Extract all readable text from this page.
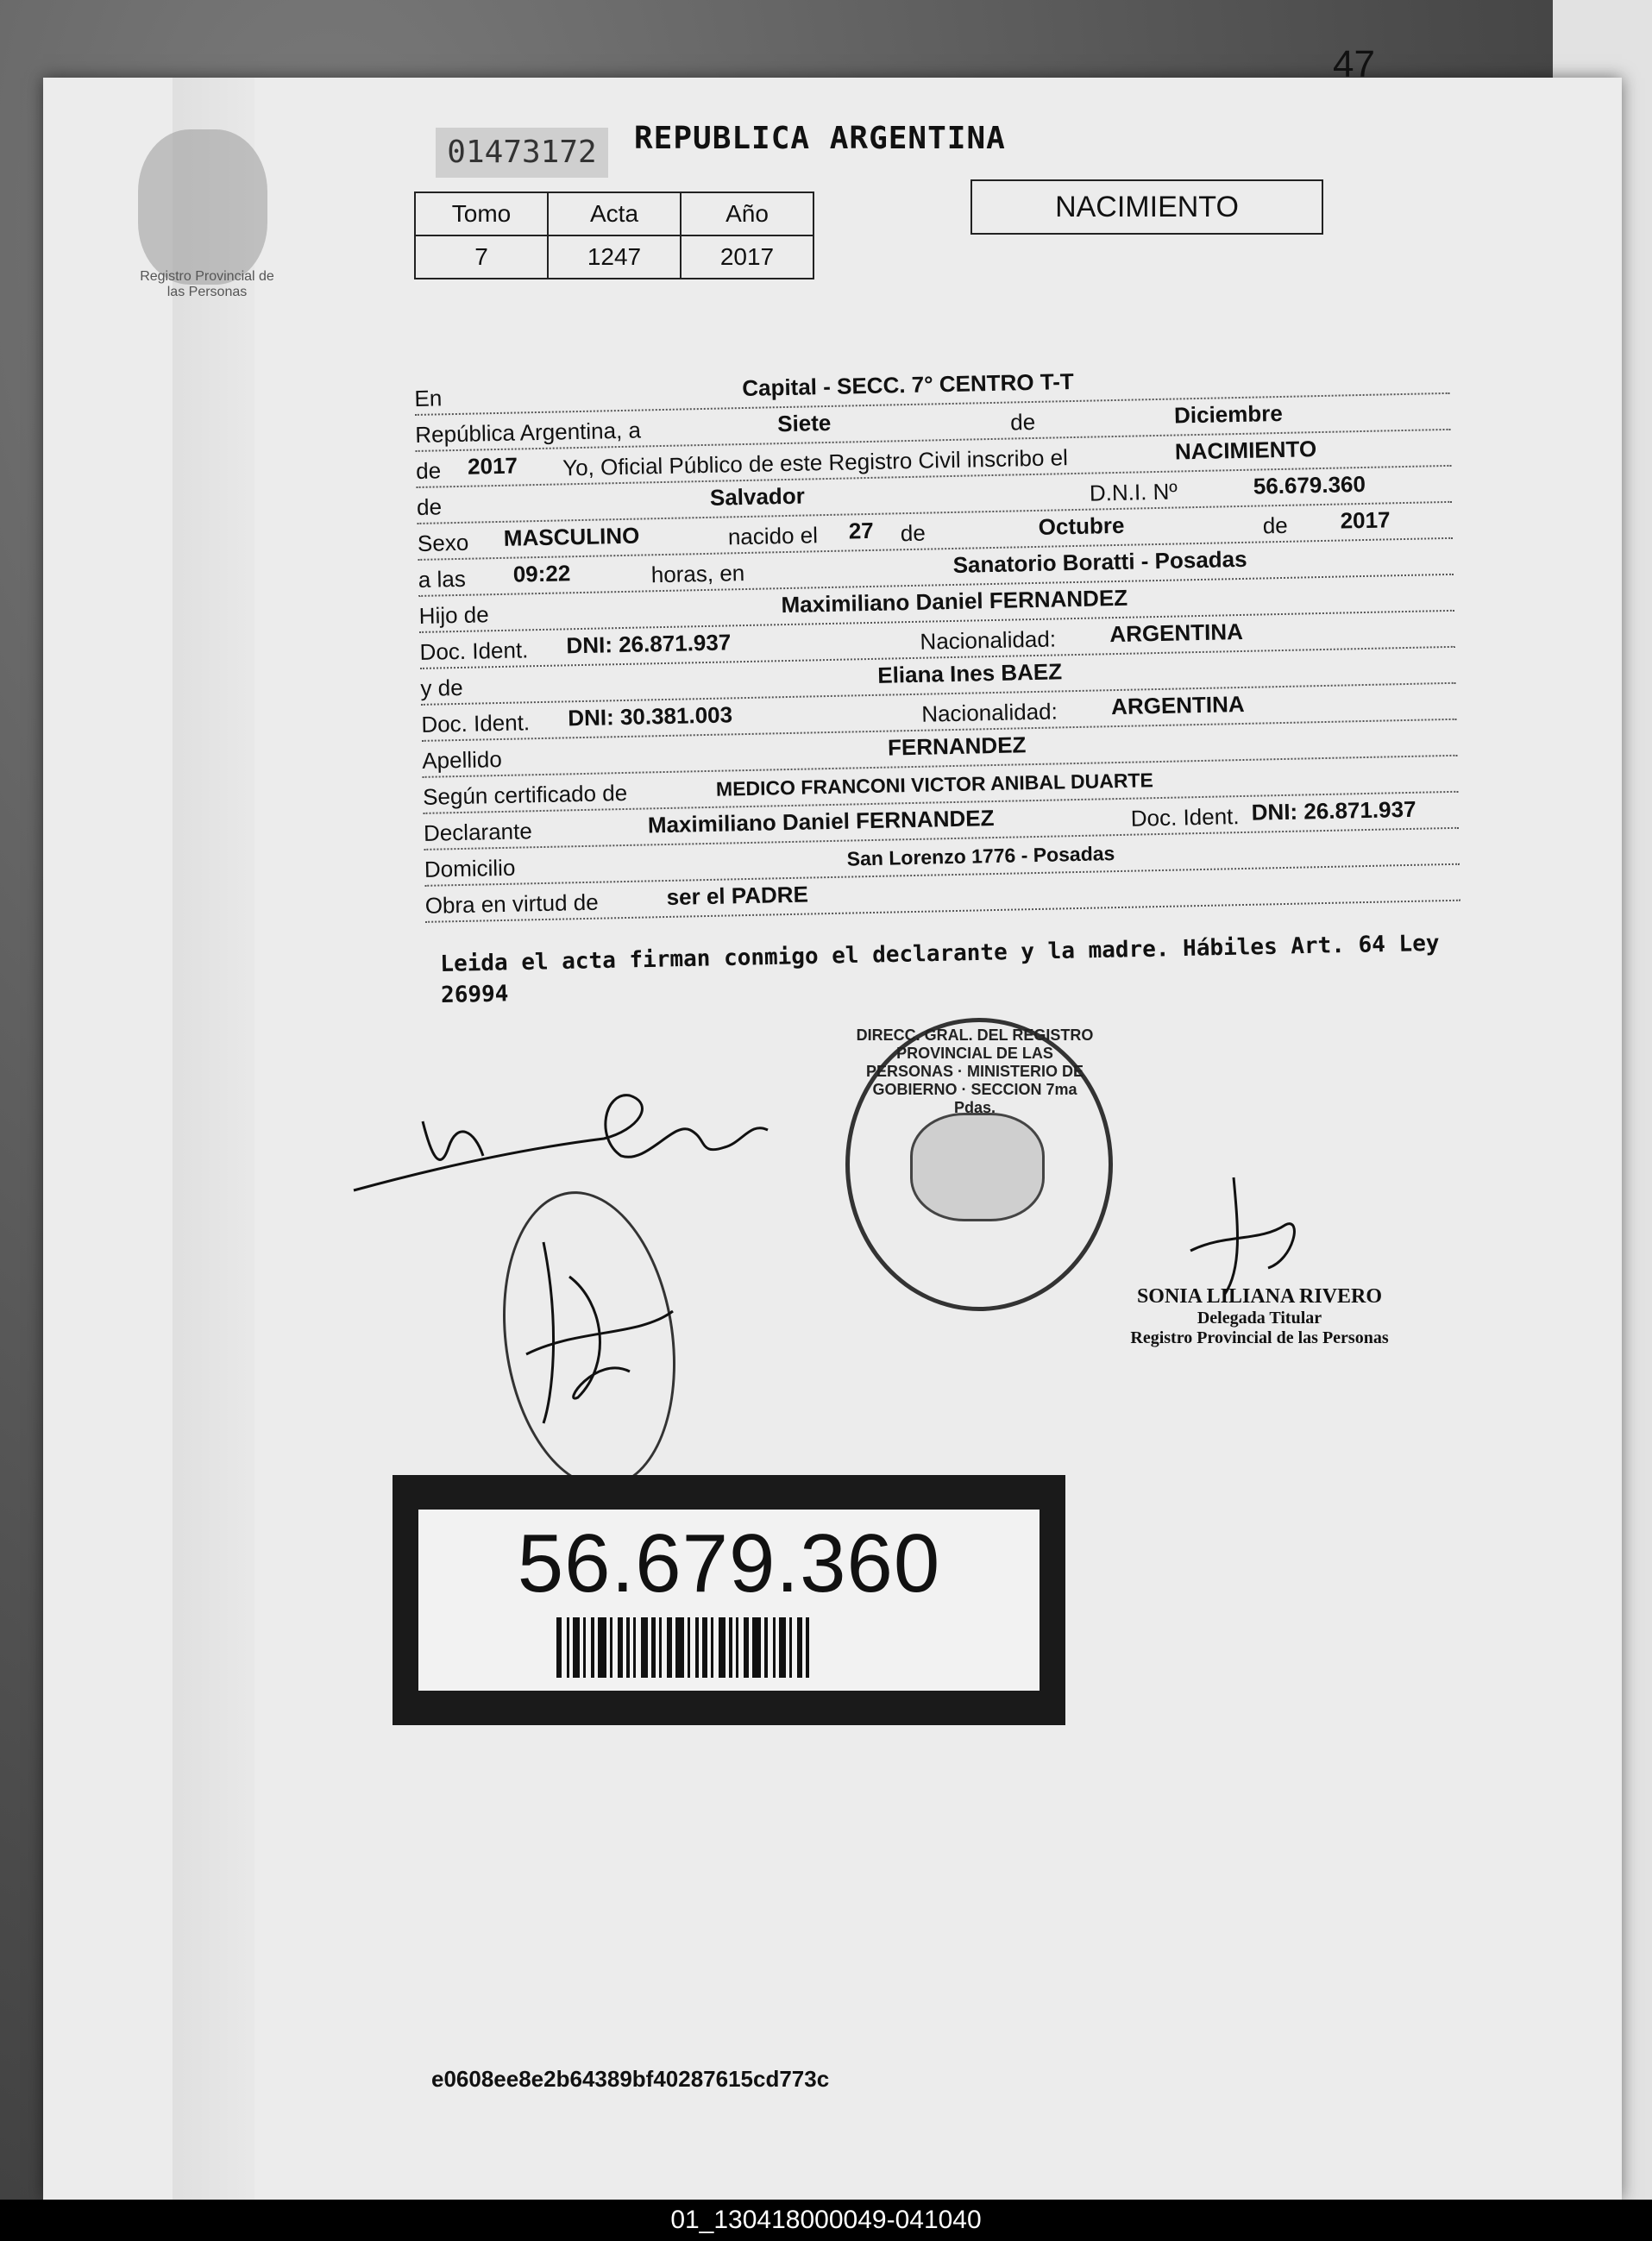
Registro Provincial de las Personas
47
01473172	REPUBLICA ARGENTINA
Tomo	Acta	Año
7	1247	2017
NACIMIENTO
En	Capital - SECC. 7° CENTRO T-T
República Argentina, a	Siete	de	Diciembre
de 2017 Yo, Oficial Público de este Registro Civil inscribo el	NACIMIENTO
de	Salvador	D.N.I. Nº	56.679.360
Sexo MASCULINO	nacido el 27 de	Octubre	de 2017
a las 09:22	horas, en	Sanatorio Boratti - Posadas
Hijo de	Maximiliano Daniel FERNANDEZ
Doc. Ident. DNI: 26.871.937	Nacionalidad: ARGENTINA
y de	Eliana Ines BAEZ
Doc. Ident. DNI: 30.381.003	Nacionalidad: ARGENTINA
Apellido	FERNANDEZ
Según certificado de	MEDICO FRANCONI VICTOR ANIBAL DUARTE
Declarante	Maximiliano Daniel FERNANDEZ	Doc. Ident. DNI: 26.871.937
Domicilio	San Lorenzo 1776 - Posadas
Obra en virtud de	ser el PADRE
Leida el acta firman conmigo el declarante y la madre. Hábiles Art. 64 Ley 26994
DIRECC. GRAL. DEL REGISTRO PROVINCIAL DE LAS PERSONAS · MINISTERIO DE GOBIERNO · SECCION 7ma Pdas.
SONIA LILIANA RIVERO
Delegada Titular
Registro Provincial de las Personas
56.679.360
e0608ee8e2b64389bf40287615cd773c
01_130418000049-041040
